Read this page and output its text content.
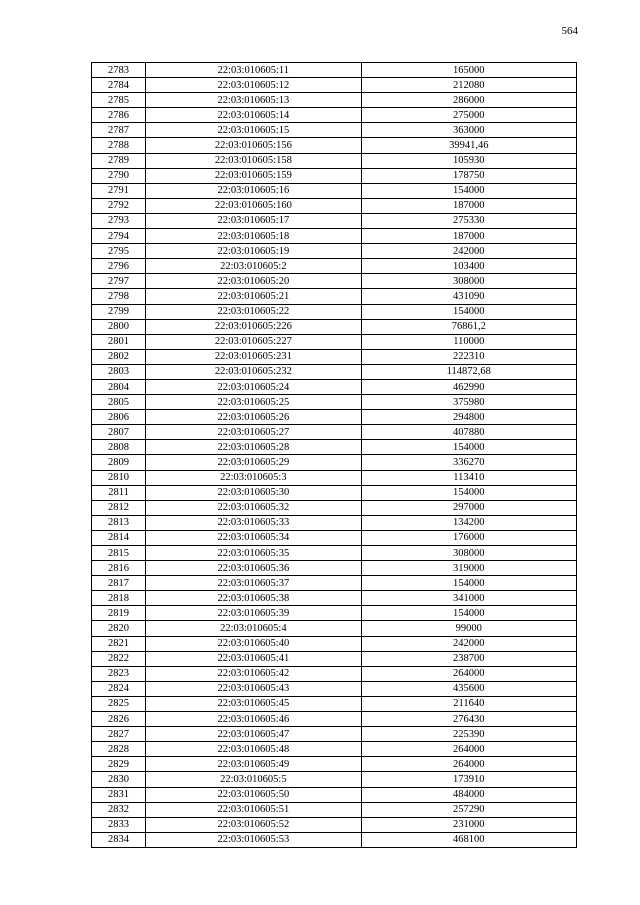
564
2783	22:03:010605:11	165000
2784	22:03:010605:12	212080
2785	22:03:010605:13	286000
2786	22:03:010605:14	275000
2787	22:03:010605:15	363000
2788	22:03:010605:156	39941,46
2789	22:03:010605:158	105930
2790	22:03:010605:159	178750
2791	22:03:010605:16	154000
2792	22:03:010605:160	187000
2793	22:03:010605:17	275330
2794	22:03:010605:18	187000
2795	22:03:010605:19	242000
2796	22:03:010605:2	103400
2797	22:03:010605:20	308000
2798	22:03:010605:21	431090
2799	22:03:010605:22	154000
2800	22:03:010605:226	76861,2
2801	22:03:010605:227	110000
2802	22:03:010605:231	222310
2803	22:03:010605:232	114872,68
2804	22:03:010605:24	462990
2805	22:03:010605:25	375980
2806	22:03:010605:26	294800
2807	22:03:010605:27	407880
2808	22:03:010605:28	154000
2809	22:03:010605:29	336270
2810	22:03:010605:3	113410
2811	22:03:010605:30	154000
2812	22:03:010605:32	297000
2813	22:03:010605:33	134200
2814	22:03:010605:34	176000
2815	22:03:010605:35	308000
2816	22:03:010605:36	319000
2817	22:03:010605:37	154000
2818	22:03:010605:38	341000
2819	22:03:010605:39	154000
2820	22:03:010605:4	99000
2821	22:03:010605:40	242000
2822	22:03:010605:41	238700
2823	22:03:010605:42	264000
2824	22:03:010605:43	435600
2825	22:03:010605:45	211640
2826	22:03:010605:46	276430
2827	22:03:010605:47	225390
2828	22:03:010605:48	264000
2829	22:03:010605:49	264000
2830	22:03:010605:5	173910
2831	22:03:010605:50	484000
2832	22:03:010605:51	257290
2833	22:03:010605:52	231000
2834	22:03:010605:53	468100
